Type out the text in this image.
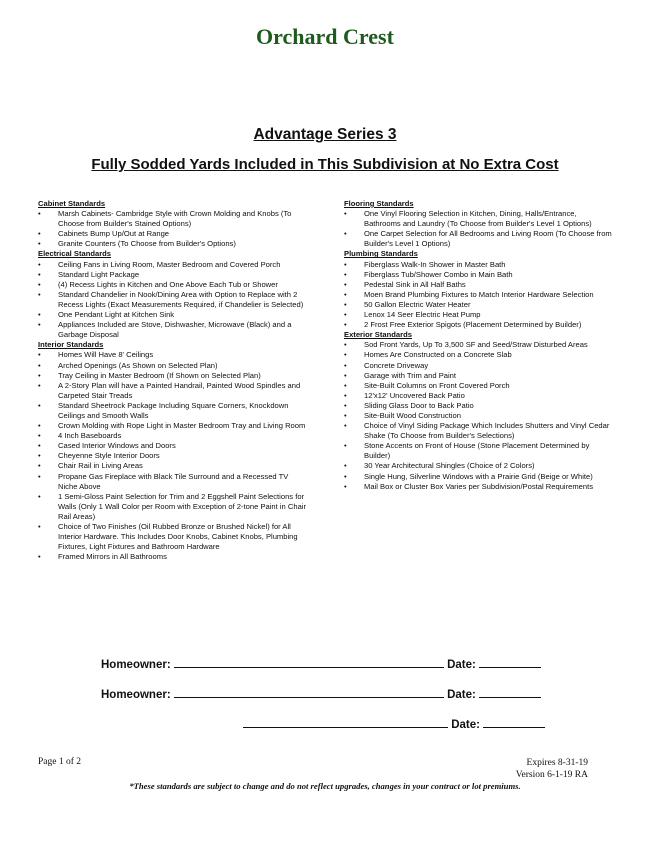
Orchard Crest
Advantage Series 3
Fully Sodded Yards Included in This Subdivision at No Extra Cost
Cabinet Standards
• Marsh Cabinets- Cambridge Style with Crown Molding and Knobs (To Choose from Builder's Stained Options)
• Cabinets Bump Up/Out at Range
• Granite Counters (To Choose from Builder's Options)
Electrical Standards
• Ceiling Fans in Living Room, Master Bedroom and Covered Porch
• Standard Light Package
• (4) Recess Lights in Kitchen and One Above Each Tub or Shower
• Standard Chandelier in Nook/Dining Area with Option to Replace with 2 Recess Lights (Exact Measurements Required, if Chandelier is Selected)
• One Pendant Light at Kitchen Sink
• Appliances Included are Stove, Dishwasher, Microwave (Black) and a Garbage Disposal
Interior Standards
• Homes Will Have 8' Ceilings
• Arched Openings (As Shown on Selected Plan)
• Tray Ceiling in Master Bedroom (If Shown on Selected Plan)
• A 2-Story Plan will have a Painted Handrail, Painted Wood Spindles and Carpeted Stair Treads
• Standard Sheetrock Package Including Square Corners, Knockdown Ceilings and Smooth Walls
• Crown Molding with Rope Light in Master Bedroom Tray and Living Room
• 4 Inch Baseboards
• Cased Interior Windows and Doors
• Cheyenne Style Interior Doors
• Chair Rail in Living Areas
• Propane Gas Fireplace with Black Tile Surround and a Recessed TV Niche Above
• 1 Semi-Gloss Paint Selection for Trim and 2 Eggshell Paint Selections for Walls (Only 1 Wall Color per Room with Exception of 2-tone Paint in Chair Rail Areas)
• Choice of Two Finishes (Oil Rubbed Bronze or Brushed Nickel) for All Interior Hardware. This Includes Door Knobs, Cabinet Knobs, Plumbing Fixtures, Light Fixtures and Bathroom Hardware
• Framed Mirrors in All Bathrooms
Flooring Standards
• One Vinyl Flooring Selection in Kitchen, Dining, Halls/Entrance, Bathrooms and Laundry (To Choose from Builder's Level 1 Options)
• One Carpet Selection for All Bedrooms and Living Room (To Choose from Builder's Level 1 Options)
Plumbing Standards
• Fiberglass Walk-In Shower in Master Bath
• Fiberglass Tub/Shower Combo in Main Bath
• Pedestal Sink in All Half Baths
• Moen Brand Plumbing Fixtures to Match Interior Hardware Selection
• 50 Gallon Electric Water Heater
• Lenox 14 Seer Electric Heat Pump
• 2 Frost Free Exterior Spigots (Placement Determined by Builder)
Exterior Standards
• Sod Front Yards, Up To 3,500 SF and Seed/Straw Disturbed Areas
• Homes Are Constructed on a Concrete Slab
• Concrete Driveway
• Garage with Trim and Paint
• Site-Built Columns on Front Covered Porch
• 12'x12' Uncovered Back Patio
• Sliding Glass Door to Back Patio
• Site-Built Wood Construction
• Choice of Vinyl Siding Package Which Includes Shutters and Vinyl Cedar Shake (To Choose from Builder's Selections)
• Stone Accents on Front of House (Stone Placement Determined by Builder)
• 30 Year Architectural Shingles (Choice of 2 Colors)
• Single Hung, Silverline Windows with a Prairie Grid (Beige or White)
• Mail Box or Cluster Box Varies per Subdivision/Postal Requirements
Homeowner:	Date:
Homeowner:	Date:
Date:
Page 1 of 2	Expires 8-31-19
Version 6-1-19 RA
*These standards are subject to change and do not reflect upgrades, changes in your contract or lot premiums.
